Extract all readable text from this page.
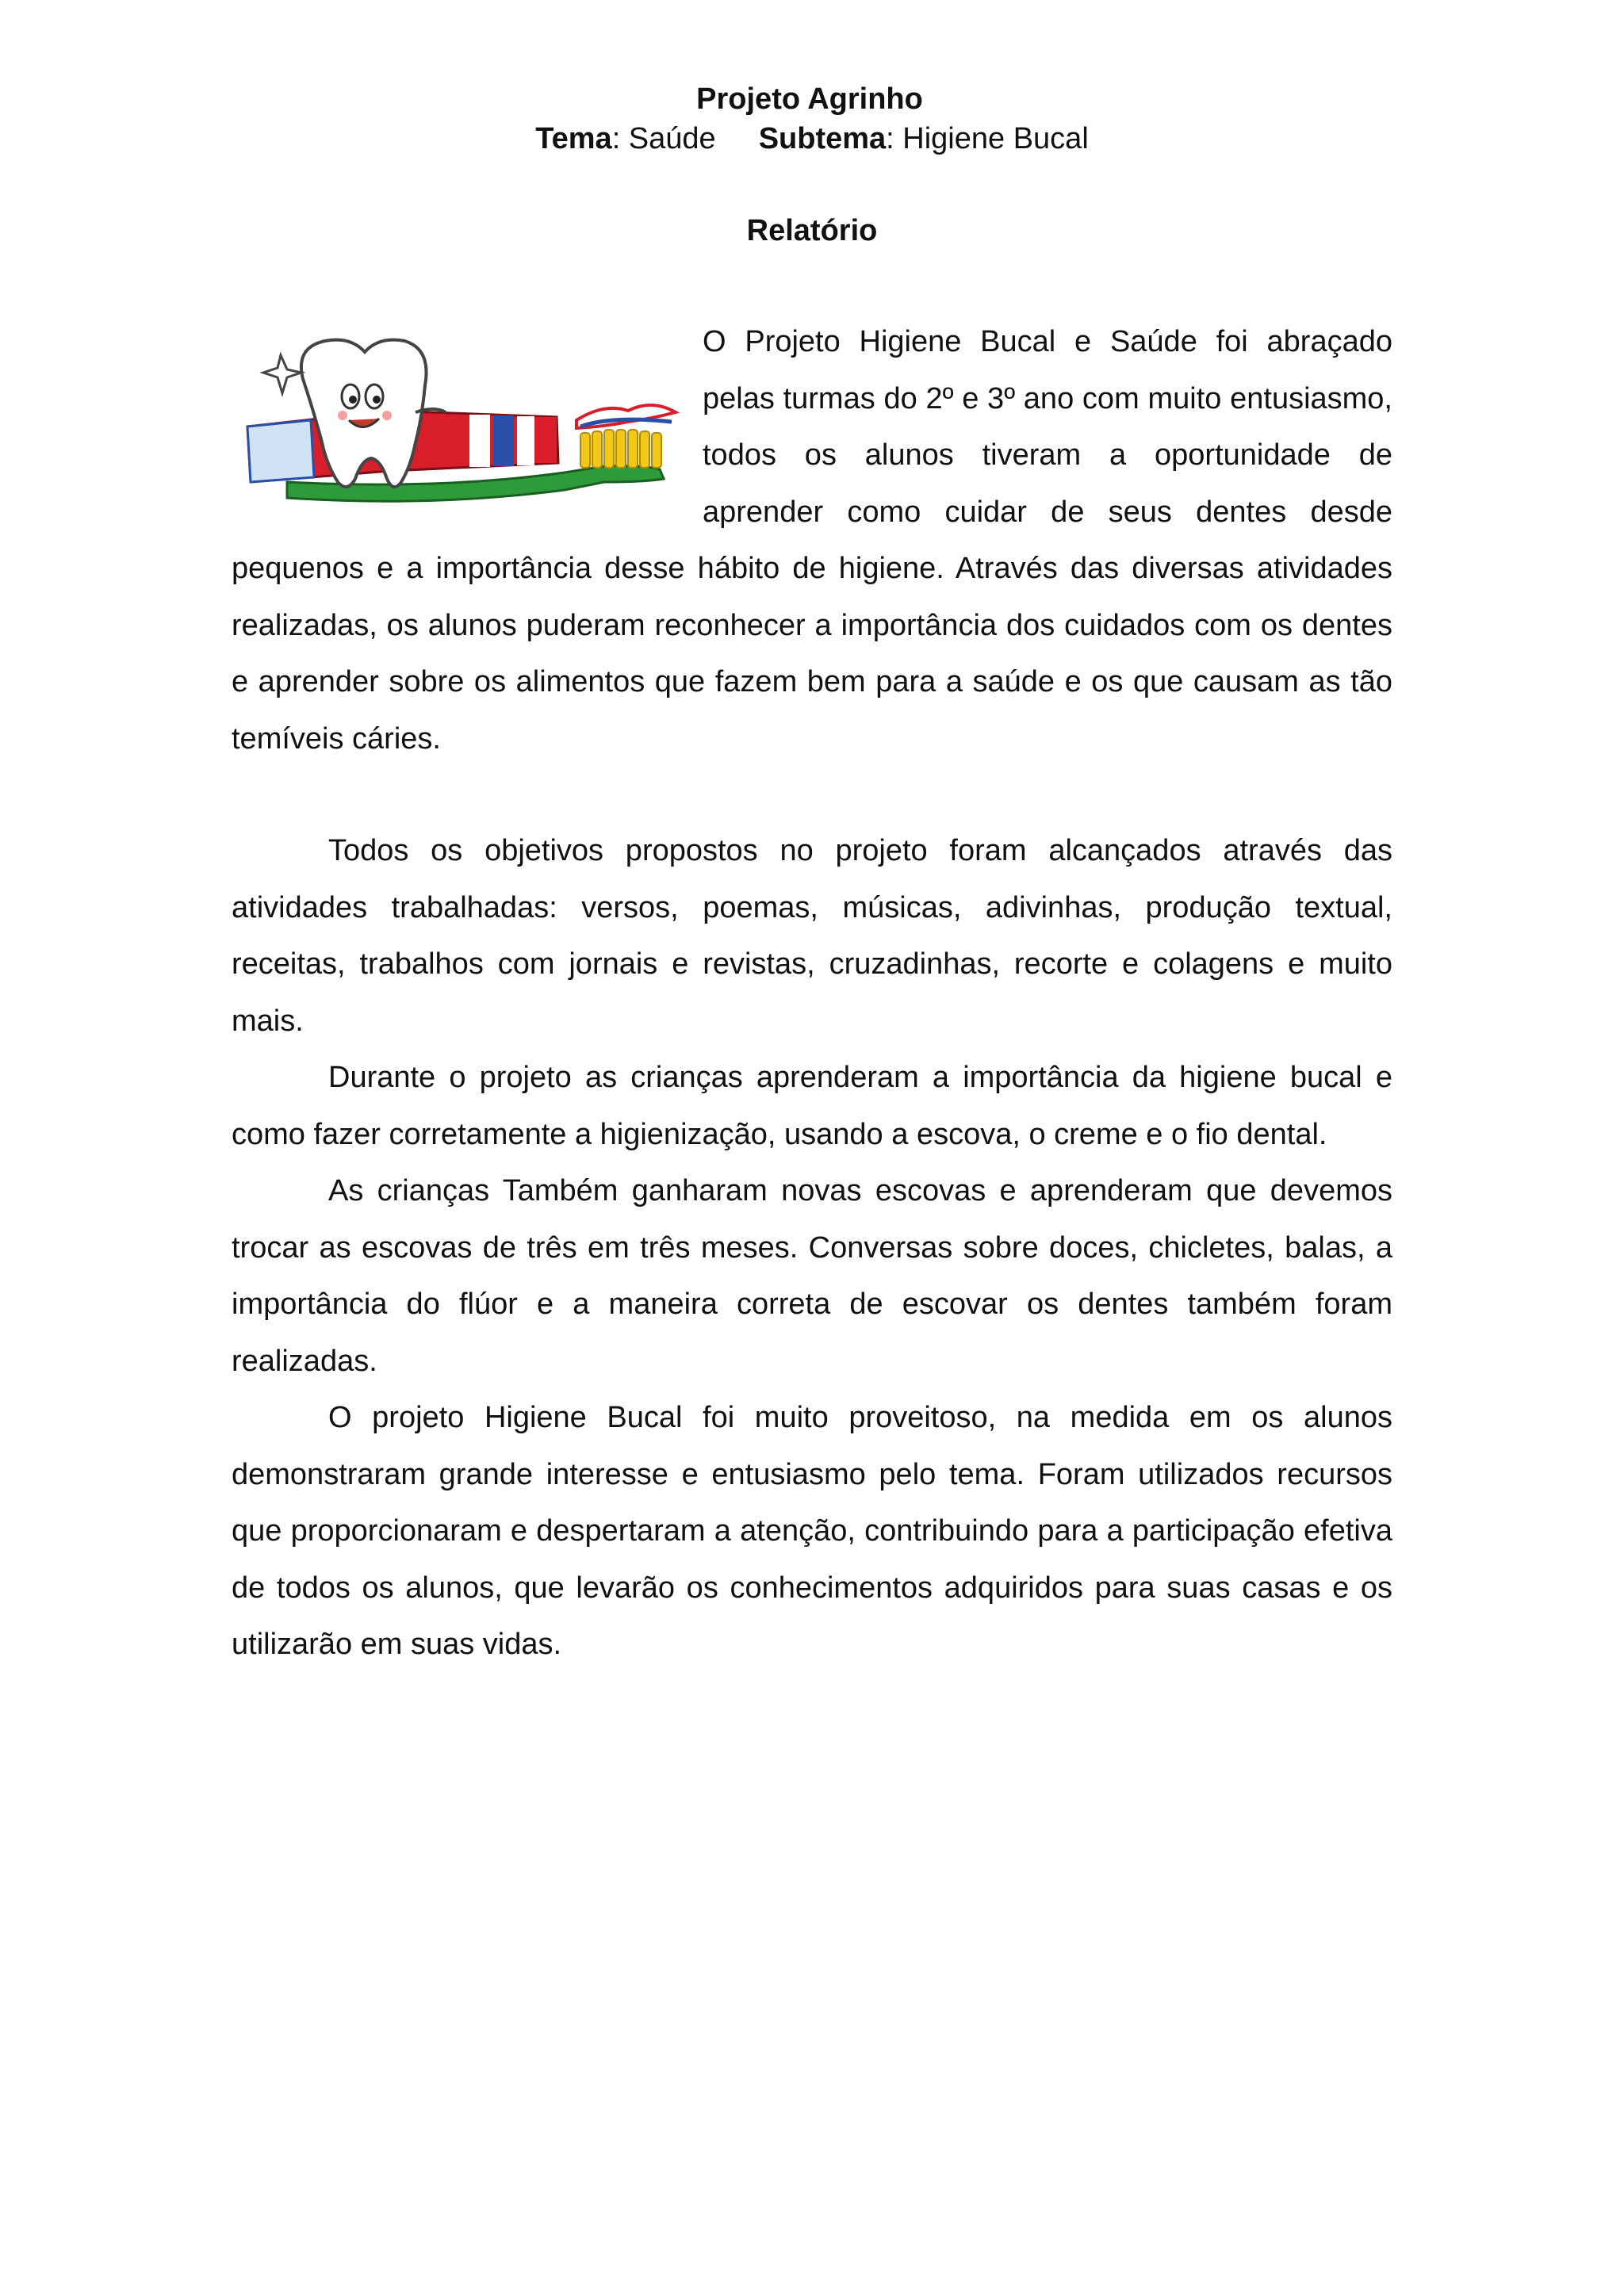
Projeto Agrinho

Tema: Saúde Subtema: Higiene Bucal

Relatório

O Projeto Higiene Bucal e Saúde foi abraçado pelas turmas do 2º e 3º ano com muito entusiasmo, todos os alunos tiveram a oportunidade de aprender como cuidar de seus dentes desde pequenos e a importância desse hábito de higiene. Através das diversas atividades realizadas, os alunos puderam reconhecer a importância dos cuidados com os dentes e aprender sobre os alimentos que fazem bem para a saúde e os que causam as tão temíveis cáries.

Todos os objetivos propostos no projeto foram alcançados através das atividades trabalhadas: versos, poemas, músicas, adivinhas, produção textual, receitas, trabalhos com jornais e revistas, cruzadinhas, recorte e colagens e muito mais.

Durante o projeto as crianças aprenderam a importância da higiene bucal e como fazer corretamente a higienização, usando a escova, o creme e o fio dental.

As crianças Também ganharam novas escovas e aprenderam que devemos trocar as escovas de três em três meses. Conversas sobre doces, chicletes, balas, a importância do flúor e a maneira correta de escovar os dentes também foram realizadas.

O projeto Higiene Bucal foi muito proveitoso, na medida em os alunos demonstraram grande interesse e entusiasmo pelo tema. Foram utilizados recursos que proporcionaram e despertaram a atenção, contribuindo para a participação efetiva de todos os alunos, que levarão os conhecimentos adquiridos para suas casas e os utilizarão em suas vidas.
